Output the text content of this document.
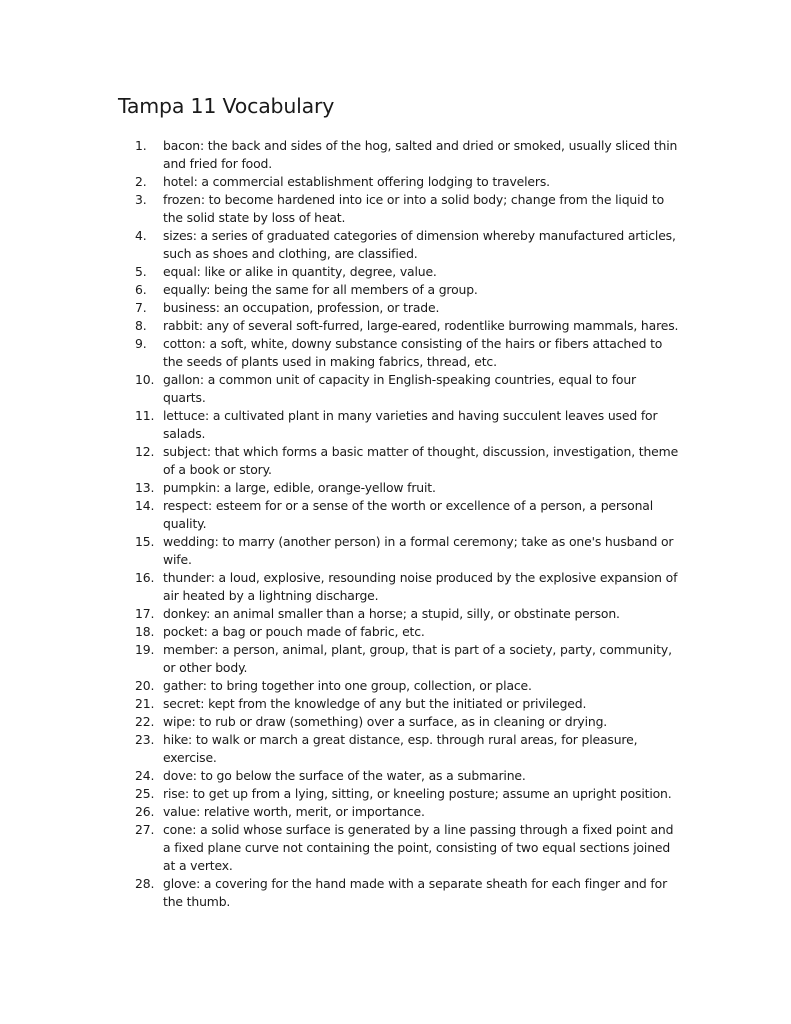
Tampa 11 Vocabulary
1.	bacon: the back and sides of the hog, salted and dried or smoked, usually sliced thin and fried for food.
2.	hotel: a commercial establishment offering lodging to travelers.
3.	frozen: to become hardened into ice or into a solid body; change from the liquid to the solid state by loss of heat.
4.	sizes: a series of graduated categories of dimension whereby manufactured articles, such as shoes and clothing, are classified.
5.	equal: like or alike in quantity, degree, value.
6.	equally: being the same for all members of a group.
7.	business: an occupation, profession, or trade.
8.	rabbit: any of several soft-furred, large-eared, rodentlike burrowing mammals, hares.
9.	cotton: a soft, white, downy substance consisting of the hairs or fibers attached to the seeds of plants used in making fabrics, thread, etc.
10. gallon: a common unit of capacity in English-speaking countries, equal to four quarts.
11. lettuce: a cultivated plant in many varieties and having succulent leaves used for salads.
12. subject: that which forms a basic matter of thought, discussion, investigation, theme of a book or story.
13. pumpkin: a large, edible, orange-yellow fruit.
14. respect: esteem for or a sense of the worth or excellence of a person, a personal quality.
15. wedding: to marry (another person) in a formal ceremony; take as one's husband or wife.
16. thunder: a loud, explosive, resounding noise produced by the explosive expansion of air heated by a lightning discharge.
17. donkey: an animal smaller than a horse; a stupid, silly, or obstinate person.
18. pocket: a bag or pouch made of fabric, etc.
19. member: a person, animal, plant, group, that is part of a society, party, community, or other body.
20. gather: to bring together into one group, collection, or place.
21. secret: kept from the knowledge of any but the initiated or privileged.
22. wipe: to rub or draw (something) over a surface, as in cleaning or drying.
23. hike: to walk or march a great distance, esp. through rural areas, for pleasure, exercise.
24. dove: to go below the surface of the water, as a submarine.
25. rise: to get up from a lying, sitting, or kneeling posture; assume an upright position.
26. value: relative worth, merit, or importance.
27. cone: a solid whose surface is generated by a line passing through a fixed point and a fixed plane curve not containing the point, consisting of two equal sections joined at a vertex.
28. glove: a covering for the hand made with a separate sheath for each finger and for the thumb.
